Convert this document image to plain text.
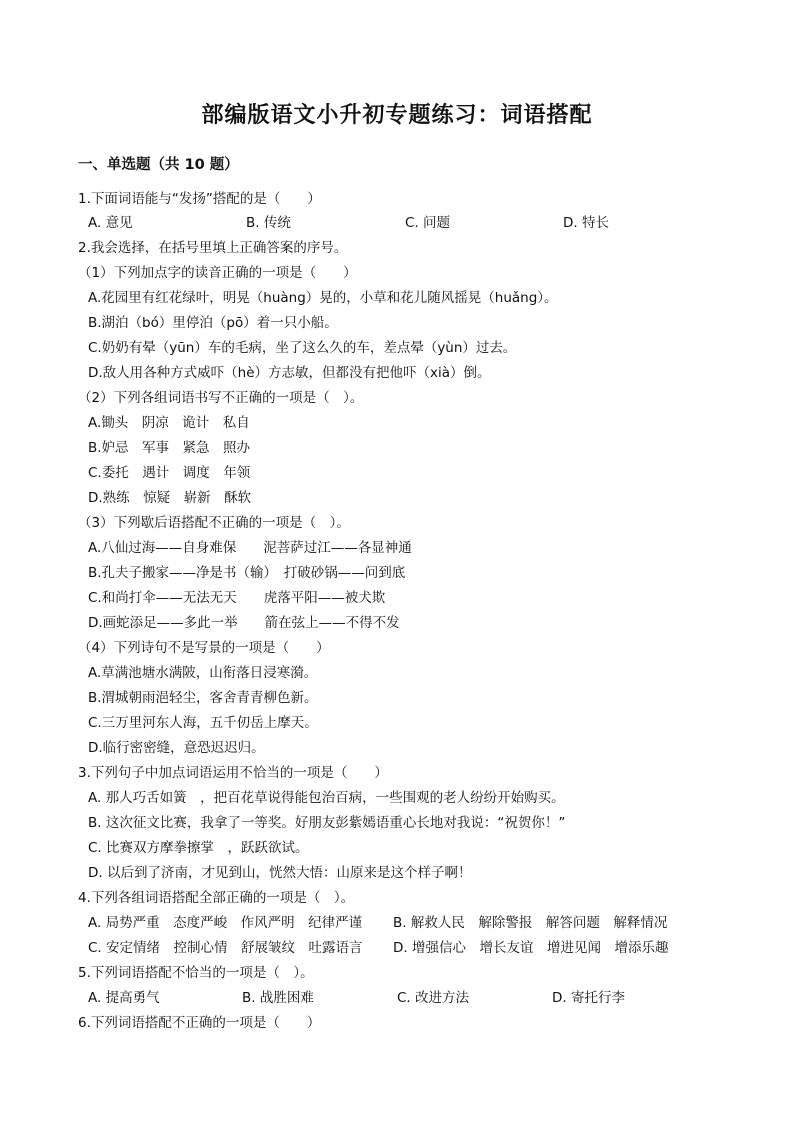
部编版语文小升初专题练习：词语搭配
一、单选题（共 10 题）
1.下面词语能与“发扬”搭配的是（　　）
A. 意见	B. 传统	C. 问题	D. 特长
2.我会选择，在括号里填上正确答案的序号。
（1）下列加点字的读音正确的一项是（　　）
A.花园里有红花绿叶，明晃（huàng）晃的，小草和花儿随风摇晃（huǎng）。
B.湖泊（bó）里停泊（pō）着一只小船。
C.奶奶有晕（yūn）车的毛病，坐了这么久的车，差点晕（yùn）过去。
D.敌人用各种方式威吓（hè）方志敏，但都没有把他吓（xià）倒。
（2）下列各组词语书写不正确的一项是（　）。
A.锄头　阴凉　诡计　私自
B.妒忌　军事　紧急　照办
C.委托　遇计　调度　年领
D.熟练　惊疑　崭新　酥软
（3）下列歇后语搭配不正确的一项是（　）。
A.八仙过海——自身难保　　泥菩萨过江——各显神通
B.孔夫子搬家——净是书（输）　打破砂锅——问到底
C.和尚打伞——无法无天　　虎落平阳——被犬欺
D.画蛇添足——多此一举　　箭在弦上——不得不发
（4）下列诗句不是写景的一项是（　　）
A.草满池塘水满陂，山衔落日浸寒漪。
B.渭城朝雨浥轻尘，客舍青青柳色新。
C.三万里河东人海，五千仞岳上摩天。
D.临行密密缝，意恐迟迟归。
3.下列句子中加点词语运用不恰当的一项是（　　）
A. 那人巧舌如簧　，把百花草说得能包治百病，一些围观的老人纷纷开始购买。
B. 这次征文比赛，我拿了一等奖。好朋友彭紫嫣语重心长地对我说：“祝贺你！”
C. 比赛双方摩拳擦掌　，跃跃欲试。
D. 以后到了济南，才见到山，恍然大悟：山原来是这个样子啊！
4.下列各组词语搭配全部正确的一项是（　）。
A. 局势严重　态度严峻　作风严明　纪律严谨 B. 解救人民　解除警报　解答问题　解释情况
C. 安定情绪　控制心情　舒展皱纹　吐露语言 D. 增强信心　增长友谊　增进见闻　增添乐趣
5.下列词语搭配不恰当的一项是（　）。
A. 提高勇气	B. 战胜困难	C. 改进方法	D. 寄托行李
6.下列词语搭配不正确的一项是（　　）
